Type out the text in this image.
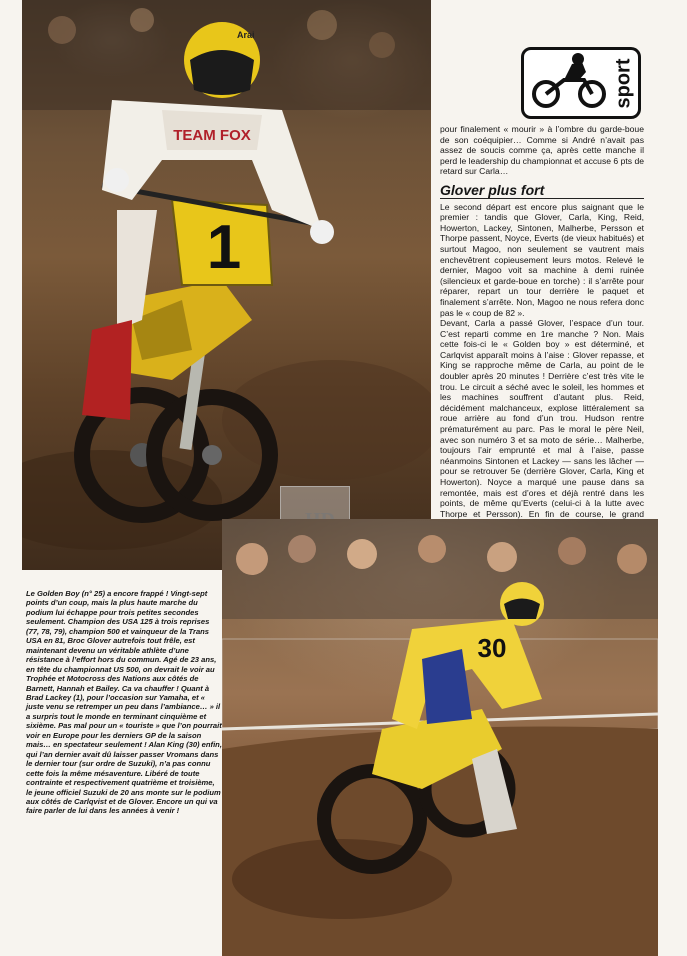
1
TEAM FOX
Arai
sport

pour finalement « mourir » à l’ombre du garde-boue de son coéquipier… Comme si André n’avait pas assez de soucis comme ça, après cette manche il perd le leadership du championnat et accuse 6 pts de retard sur Carla…

Glover plus fort

Le second départ est encore plus saignant que le premier : tandis que Glover, Carla, King, Reid, Howerton, Lackey, Sintonen, Malherbe, Persson et Thorpe passent, Noyce, Everts (de vieux habitués) et surtout Magoo, non seulement se vautrent mais enchevêtrent copieusement leurs motos. Relevé le dernier, Magoo voit sa machine à demi ruinée (silencieux et garde-boue en torche) : il s’arrête pour réparer, repart un tour derrière le paquet et finalement s’arrête. Non, Magoo ne nous refera donc pas le « coup de 82 ».

Devant, Carla a passé Glover, l’espace d’un tour. C’est reparti comme en 1re manche ? Non. Mais cette fois-ci le « Golden boy » est déterminé, et Carlqvist apparaît moins à l’aise : Glover repasse, et King se rapproche même de Carla, au point de le doubler après 20 minutes ! Derrière c’est très vite le trou. Le circuit a séché avec le soleil, les hommes et les machines souffrent d’autant plus. Reid, décidément malchanceux, explose littéralement sa roue arrière au fond d’un trou. Hudson rentre prématurément au parc. Pas le moral le père Neil, avec son numéro 3 et sa moto de série… Malherbe, toujours l’air emprunté et mal à l’aise, passe néanmoins Sintonen et Lackey — sans les lâcher — pour se retrouver 5e (derrière Glover, Carla, King et Howerton). Noyce a marqué une pause dans sa remontée, mais est d’ores et déjà rentré dans les points, de même qu’Everts (celui-ci à la lutte avec Thorpe et Persson). En fin de course, le grand

30
Le Golden Boy (n° 25) a encore frappé ! Vingt-sept points d’un coup, mais la plus haute marche du podium lui échappe pour trois petites secondes seulement. Champion des USA 125 à trois reprises (77, 78, 79), champion 500 et vainqueur de la Trans USA en 81, Broc Glover autrefois tout frêle, est maintenant devenu un véritable athlète d’une résistance à l’effort hors du commun. Agé de 23 ans, en tête du championnat US 500, on devrait le voir au Trophée et Motocross des Nations aux côtés de Barnett, Hannah et Bailey. Ca va chauffer ! Quant à Brad Lackey (1), pour l’occasion sur Yamaha, et « juste venu se retremper un peu dans l’ambiance… » il a surpris tout le monde en terminant cinquième et sixième. Pas mal pour un « touriste » que l’on pourrait voir en Europe pour les derniers GP de la saison mais… en spectateur seulement ! Alan King (30) enfin, qui l’an dernier avait dû laisser passer Vromans dans le dernier tour (sur ordre de Suzuki), n’a pas connu cette fois la même mésaventure. Libéré de toute contrainte et respectivement quatrième et troisième, le jeune officiel Suzuki de 20 ans monte sur le podium aux côtés de Carlqvist et de Glover. Encore un qui va faire parler de lui dans les années à venir !
